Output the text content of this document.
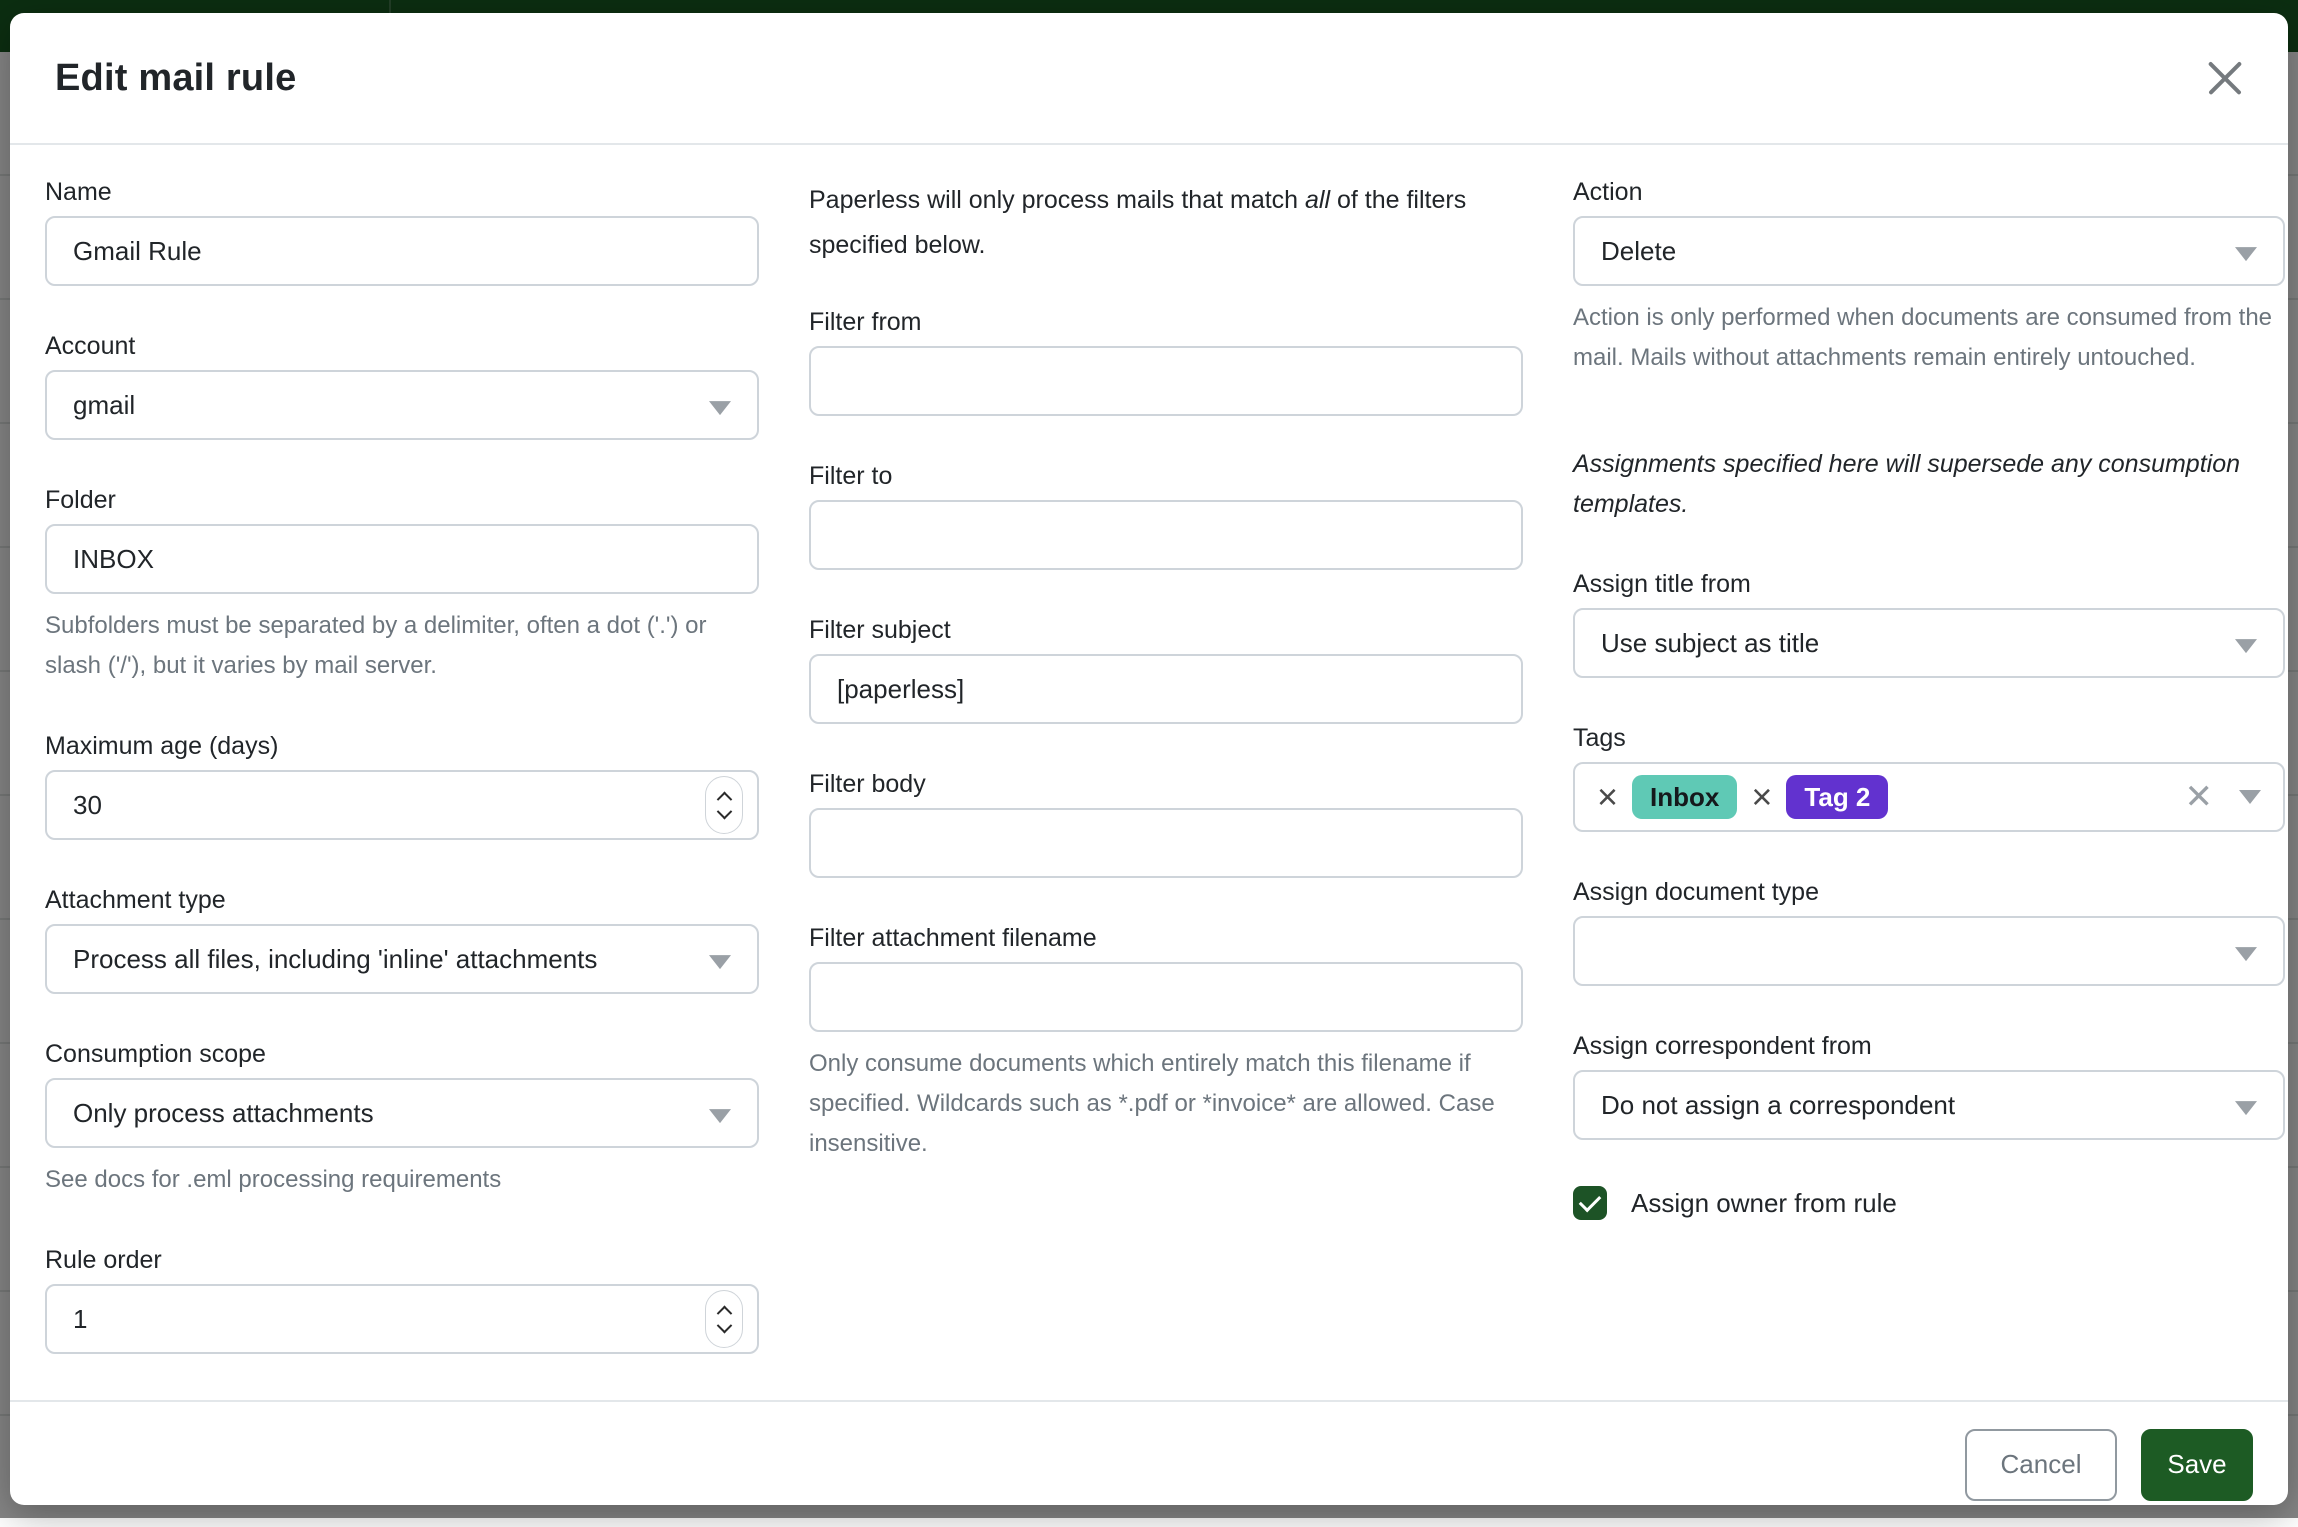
Edit mail rule
Name
Gmail Rule
Account
gmail
Folder
INBOX
Subfolders must be separated by a delimiter, often a dot ('.') or slash ('/'), but it varies by mail server.
Maximum age (days)
30
Attachment type
Process all files, including 'inline' attachments
Consumption scope
Only process attachments
See docs for .eml processing requirements
Rule order
1

Paperless will only process mails that match all of the filters specified below.

Filter from
Filter to
Filter subject
[paperless]
Filter body
Filter attachment filename
Only consume documents which entirely match this filename if specified. Wildcards such as *.pdf or *invoice* are allowed. Case insensitive.
Action
Delete
Action is only performed when documents are consumed from the mail. Mails without attachments remain entirely untouched.

Assignments specified here will supersede any consumption templates.

Assign title from
Use subject as title
Tags
× Inbox × Tag 2	✕
Assign document type
Assign correspondent from
Do not assign a correspondent
Assign owner from rule
Cancel	Save
